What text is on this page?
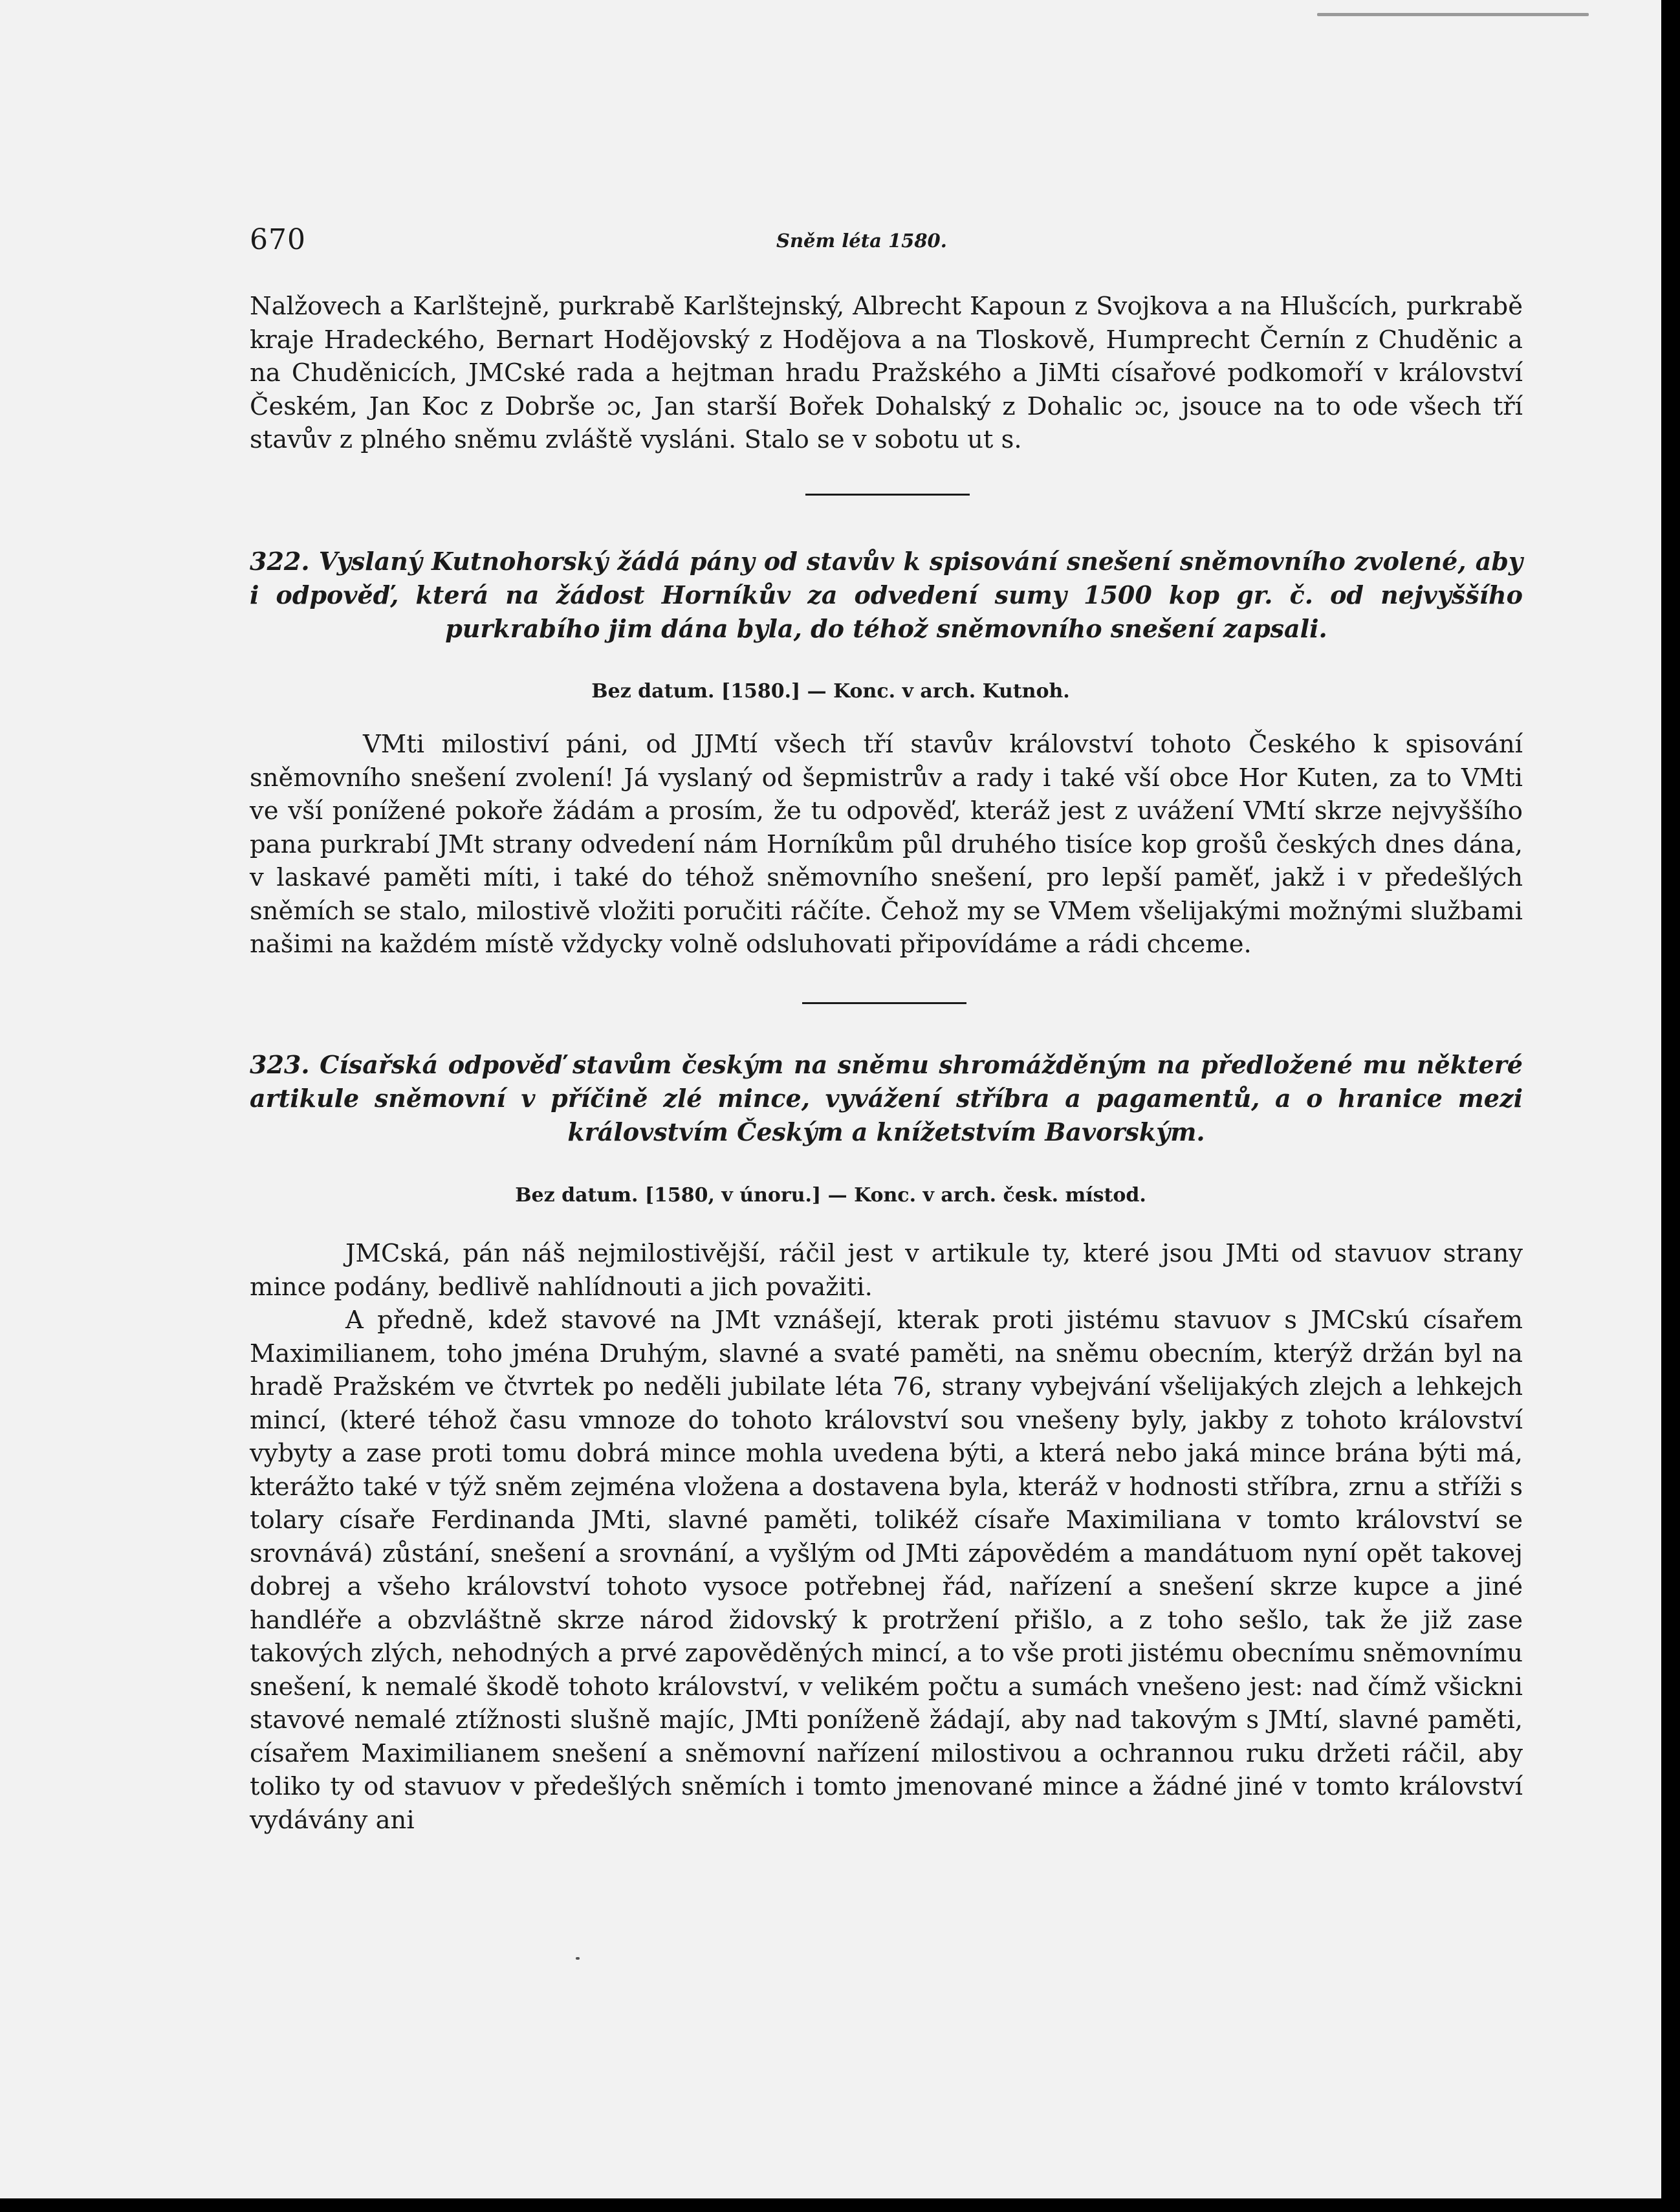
670	Sněm léta 1580.

Nalžovech a Karlštejně, purkrabě Karlštejnský, Albrecht Kapoun z Svojkova a na Hlušcích, purkrabě kraje Hradeckého, Bernart Hodějovský z Hodějova a na Tloskově, Humprecht Černín z Chuděnic a na Chuděnicích, JMCské rada a hejtman hradu Pražského a JiMti císařové podkomoří v království Českém, Jan Koc z Dobrše ɔc, Jan starší Bořek Dohalský z Dohalic ɔc, jsouce na to ode všech tří stavův z plného sněmu zvláště vysláni. Stalo se v sobotu ut s.

322. Vyslaný Kutnohorský žádá pány od stavův k spisování snešení sněmovního zvolené, aby i odpověď, která na žádost Horníkův za odvedení sumy 1500 kop gr. č. od nejvyššího purkrabího jim dána byla, do téhož sněmovního snešení zapsali.

Bez datum. [1580.] — Konc. v arch. Kutnoh.

VMti milostiví páni, od JJMtí všech tří stavův království tohoto Českého k spisování sněmovního snešení zvolení! Já vyslaný od šepmistrův a rady i také vší obce Hor Kuten, za to VMti ve vší ponížené pokoře žádám a prosím, že tu odpověď, kteráž jest z uvážení VMtí skrze nejvyššího pana purkrabí JMt strany odvedení nám Horníkům půl druhého tisíce kop grošů českých dnes dána, v laskavé paměti míti, i také do téhož sněmovního snešení, pro lepší paměť, jakž i v předešlých sněmích se stalo, milostivě vložiti poručiti ráčíte. Čehož my se VMem všelijakými možnými službami našimi na každém místě vždycky volně odsluhovati připovídáme a rádi chceme.

323. Císařská odpověď stavům českým na sněmu shromážděným na předložené mu některé artikule sněmovní v příčině zlé mince, vyvážení stříbra a pagamentů, a o hranice mezi královstvím Českým a knížetstvím Bavorským.

Bez datum. [1580, v únoru.] — Konc. v arch. česk. místod.

JMCská, pán náš nejmilostivější, ráčil jest v artikule ty, které jsou JMti od stavuov strany mince podány, bedlivě nahlídnouti a jich považiti.

A předně, kdež stavové na JMt vznášejí, kterak proti jistému stavuov s JMCskú císařem Maximilianem, toho jména Druhým, slavné a svaté paměti, na sněmu obecním, kterýž držán byl na hradě Pražském ve čtvrtek po neděli jubilate léta 76, strany vybejvání všelijakých zlejch a lehkejch mincí, (které téhož času vmnoze do tohoto království sou vnešeny byly, jakby z tohoto království vybyty a zase proti tomu dobrá mince mohla uvedena býti, a která nebo jaká mince brána býti má, kterážto také v týž sněm zejména vložena a dostavena byla, kteráž v hodnosti stříbra, zrnu a stříži s tolary císaře Ferdinanda JMti, slavné paměti, tolikéž císaře Maximiliana v tomto království se srovnává) zůstání, snešení a srovnání, a vyšlým od JMti zápovědém a mandátuom nyní opět takovej dobrej a všeho království tohoto vysoce potřebnej řád, nařízení a snešení skrze kupce a jiné handléře a obzvláštně skrze národ židovský k protržení přišlo, a z toho sešlo, tak že již zase takových zlých, nehodných a prvé zapověděných mincí, a to vše proti jistému obecnímu sněmovnímu snešení, k nemalé škodě tohoto království, v velikém počtu a sumách vnešeno jest: nad čímž všickni stavové nemalé ztížnosti slušně majíc, JMti poníženě žádají, aby nad takovým s JMtí, slavné paměti, císařem Maximilianem snešení a sněmovní nařízení milostivou a ochrannou ruku držeti ráčil, aby toliko ty od stavuov v předešlých sněmích i tomto jmenované mince a žádné jiné v tomto království vydávány ani
